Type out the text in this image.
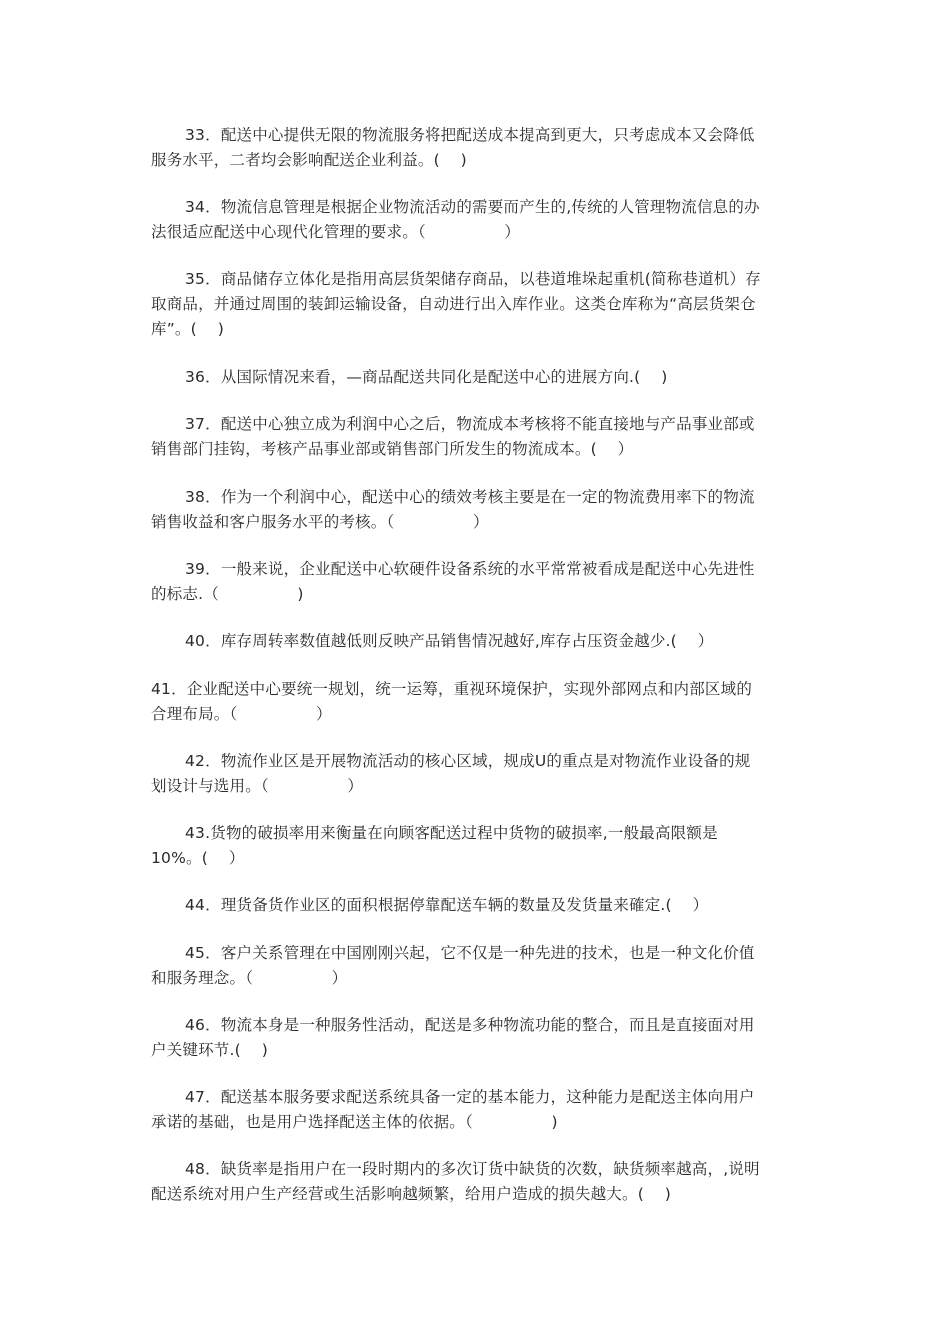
33．配送中心提供无限的物流服务将把配送成本提高到更大，只考虑成本又会降低
服务水平，二者均会影响配送企业利益。(　 )
34．物流信息管理是根据企业物流活动的需要而产生的,传统的人管理物流信息的办
法很适应配送中心现代化管理的要求。（　　　　　）
35．商品储存立体化是指用高层货架储存商品，以巷道堆垛起重机(简称巷道机）存
取商品，并通过周围的装卸运输设备，自动进行出入库作业。这类仓库称为“高层货架仓
库”。(　 )
36．从国际情况来看，—商品配送共同化是配送中心的进展方向.(　 )
37．配送中心独立成为利润中心之后，物流成本考核将不能直接地与产品事业部或
销售部门挂钩，考核产品事业部或销售部门所发生的物流成本。(　 ）
38．作为一个利润中心，配送中心的绩效考核主要是在一定的物流费用率下的物流
销售收益和客户服务水平的考核。（　　　　　）
39．一般来说，企业配送中心软硬件设备系统的水平常常被看成是配送中心先进性
的标志.（　　　　　)
40．库存周转率数值越低则反映产品销售情况越好,库存占压资金越少.(　 ）
41．企业配送中心要统一规划，统一运筹，重视环境保护，实现外部网点和内部区域的
合理布局。（　　　　　）
42．物流作业区是开展物流活动的核心区域，规成U的重点是对物流作业设备的规
划设计与选用。（　　　　　）
43.货物的破损率用来衡量在向顾客配送过程中货物的破损率,一般最高限额是
10%。(　 ）
44．理货备货作业区的面积根据停靠配送车辆的数量及发货量来確定.(　 ）
45．客户关系管理在中国刚刚兴起，它不仅是一种先进的技术，也是一种文化价值
和服务理念。（　　　　　）
46．物流本身是一种服务性活动，配送是多种物流功能的整合，而且是直接面对用
户关键环节.(　 )
47．配送基本服务要求配送系统具备一定的基本能力，这种能力是配送主体向用户
承诺的基础，也是用户选择配送主体的依据。（　　　　　)
48．缺货率是指用户在一段时期内的多次订货中缺货的次数，缺货频率越高，,说明
配送系统对用户生产经营或生活影响越频繁，给用户造成的损失越大。(　 )
